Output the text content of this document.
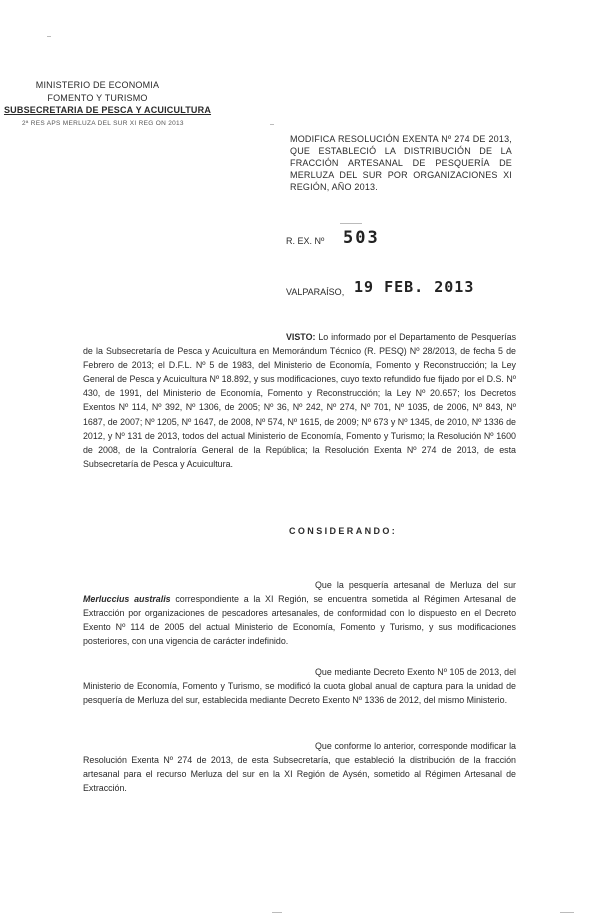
MINISTERIO DE ECONOMIA
FOMENTO Y TURISMO
SUBSECRETARIA DE PESCA Y ACUICULTURA
2ª RES APS MERLUZA DEL SUR XI REG ON 2013
MODIFICA RESOLUCIÓN EXENTA Nº 274 DE 2013, QUE ESTABLECIÓ LA DISTRIBUCIÓN DE LA FRACCIÓN ARTESANAL DE PESQUERÍA DE MERLUZA DEL SUR POR ORGANIZACIONES XI REGIÓN, AÑO 2013.
R. EX. Nº 503
VALPARAÍSO, 19 FEB. 2013
VISTO: Lo informado por el Departamento de Pesquerías de la Subsecretaría de Pesca y Acuicultura en Memorándum Técnico (R. PESQ) Nº 28/2013, de fecha 5 de Febrero de 2013; el D.F.L. Nº 5 de 1983, del Ministerio de Economía, Fomento y Reconstrucción; la Ley General de Pesca y Acuicultura Nº 18.892, y sus modificaciones, cuyo texto refundido fue fijado por el D.S. Nº 430, de 1991, del Ministerio de Economía, Fomento y Reconstrucción; la Ley Nº 20.657; los Decretos Exentos Nº 114, Nº 392, Nº 1306, de 2005; Nº 36, Nº 242, Nº 274, Nº 701, Nº 1035, de 2006, Nº 843, Nº 1687, de 2007; Nº 1205, Nº 1647, de 2008, Nº 574, Nº 1615, de 2009; Nº 673 y Nº 1345, de 2010, Nº 1336 de 2012, y Nº 131 de 2013, todos del actual Ministerio de Economía, Fomento y Turismo; la Resolución Nº 1600 de 2008, de la Contraloría General de la República; la Resolución Exenta Nº 274 de 2013, de esta Subsecretaría de Pesca y Acuicultura.
CONSIDERANDO:
Que la pesquería artesanal de Merluza del sur Merluccius australis correspondiente a la XI Región, se encuentra sometida al Régimen Artesanal de Extracción por organizaciones de pescadores artesanales, de conformidad con lo dispuesto en el Decreto Exento Nº 114 de 2005 del actual Ministerio de Economía, Fomento y Turismo, y sus modificaciones posteriores, con una vigencia de carácter indefinido.
Que mediante Decreto Exento Nº 105 de 2013, del Ministerio de Economía, Fomento y Turismo, se modificó la cuota global anual de captura para la unidad de pesquería de Merluza del sur, establecida mediante Decreto Exento Nº 1336 de 2012, del mismo Ministerio.
Que conforme lo anterior, corresponde modificar la Resolución Exenta Nº 274 de 2013, de esta Subsecretaría, que estableció la distribución de la fracción artesanal para el recurso Merluza del sur en la XI Región de Aysén, sometido al Régimen Artesanal de Extracción.
